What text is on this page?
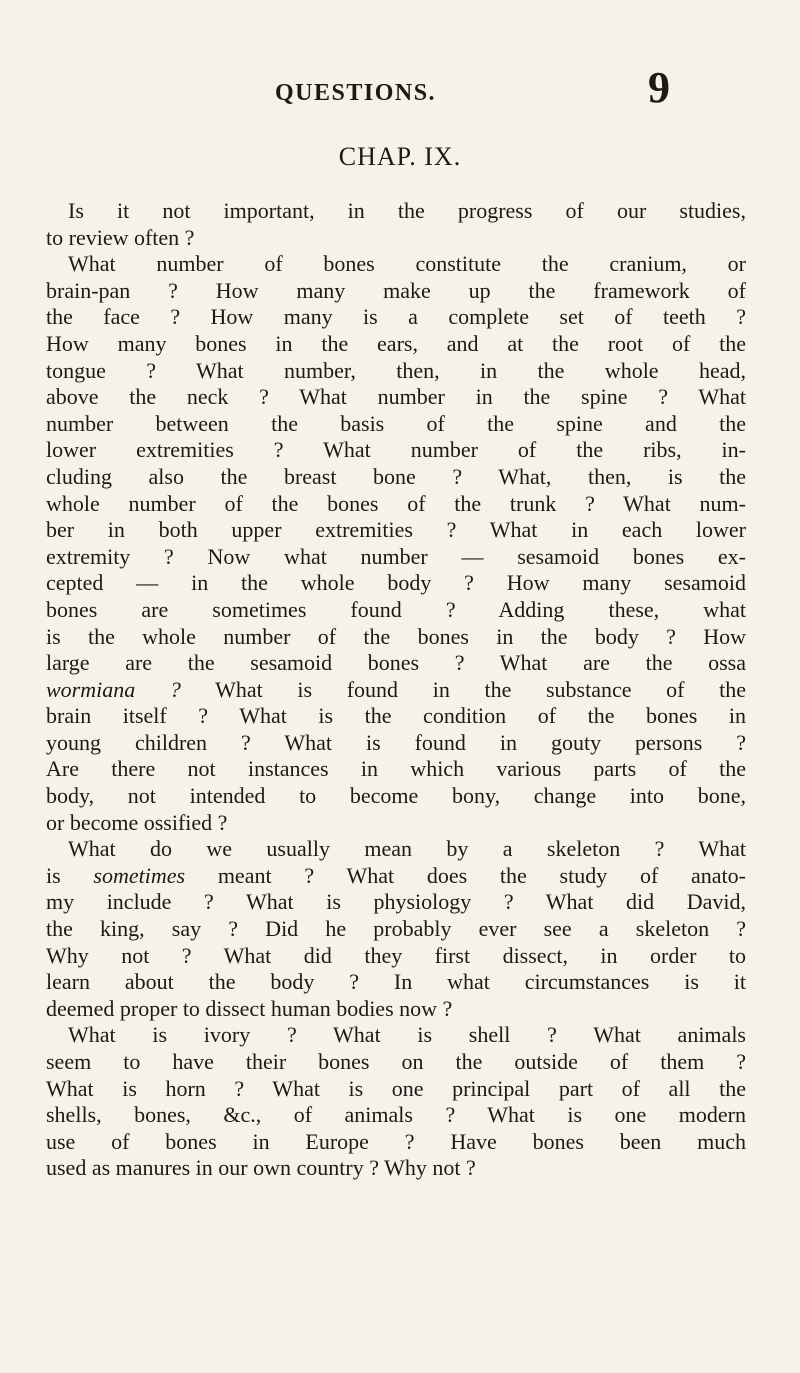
QUESTIONS.	9
CHAP. IX.
Is it not important, in the progress of our studies,
to review often ?
What number of bones constitute the cranium, or
brain-pan ? How many make up the framework of
the face ? How many is a complete set of teeth ?
How many bones in the ears, and at the root of the
tongue ? What number, then, in the whole head,
above the neck ? What number in the spine ? What
number between the basis of the spine and the
lower extremities ? What number of the ribs, in-
cluding also the breast bone ? What, then, is the
whole number of the bones of the trunk ? What num-
ber in both upper extremities ? What in each lower
extremity ? Now what number — sesamoid bones ex-
cepted — in the whole body ? How many sesamoid
bones are sometimes found ? Adding these, what
is the whole number of the bones in the body ? How
large are the sesamoid bones ? What are the ossa
wormiana ? What is found in the substance of the
brain itself ? What is the condition of the bones in
young children ? What is found in gouty persons ?
Are there not instances in which various parts of the
body, not intended to become bony, change into bone,
or become ossified ?
What do we usually mean by a skeleton ? What
is sometimes meant ? What does the study of anato-
my include ? What is physiology ? What did David,
the king, say ? Did he probably ever see a skeleton ?
Why not ? What did they first dissect, in order to
learn about the body ? In what circumstances is it
deemed proper to dissect human bodies now ?
What is ivory ? What is shell ? What animals
seem to have their bones on the outside of them ?
What is horn ? What is one principal part of all the
shells, bones, &c., of animals ? What is one modern
use of bones in Europe ? Have bones been much
used as manures in our own country ? Why not ?
